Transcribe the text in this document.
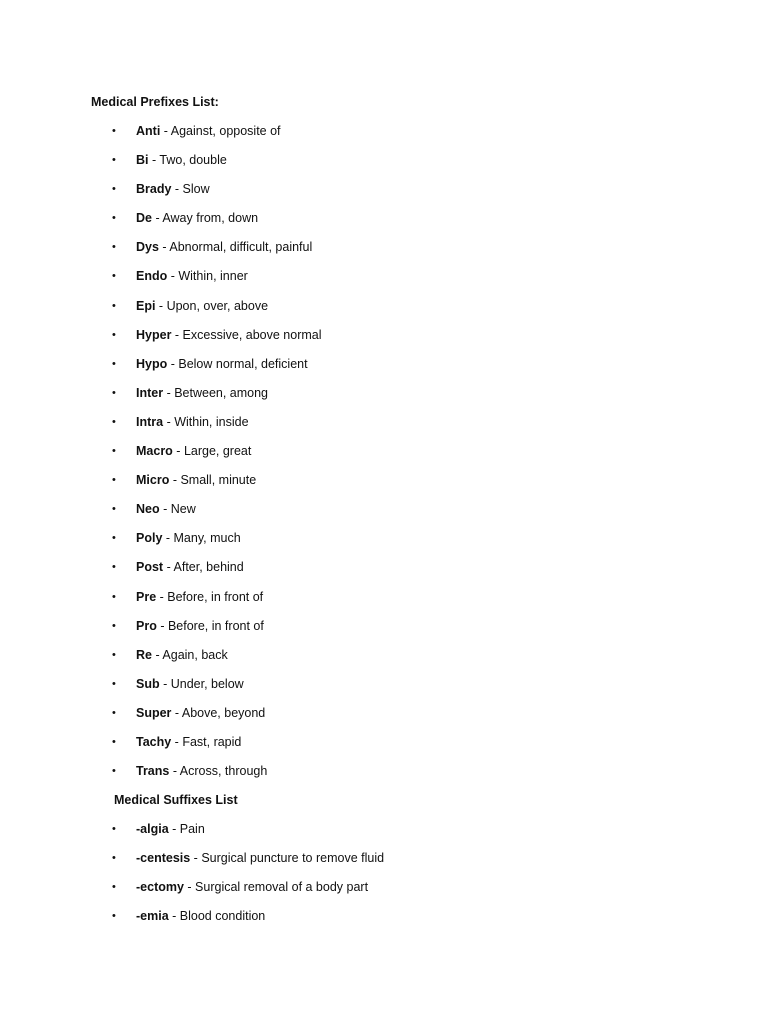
Medical Prefixes List:
• Anti - Against, opposite of
• Bi - Two, double
• Brady - Slow
• De - Away from, down
• Dys - Abnormal, difficult, painful
• Endo - Within, inner
• Epi - Upon, over, above
• Hyper - Excessive, above normal
• Hypo - Below normal, deficient
• Inter - Between, among
• Intra - Within, inside
• Macro - Large, great
• Micro - Small, minute
• Neo - New
• Poly - Many, much
• Post - After, behind
• Pre - Before, in front of
• Pro - Before, in front of
• Re - Again, back
• Sub - Under, below
• Super - Above, beyond
• Tachy - Fast, rapid
• Trans - Across, through
Medical Suffixes List
• -algia - Pain
• -centesis - Surgical puncture to remove fluid
• -ectomy - Surgical removal of a body part
• -emia - Blood condition
